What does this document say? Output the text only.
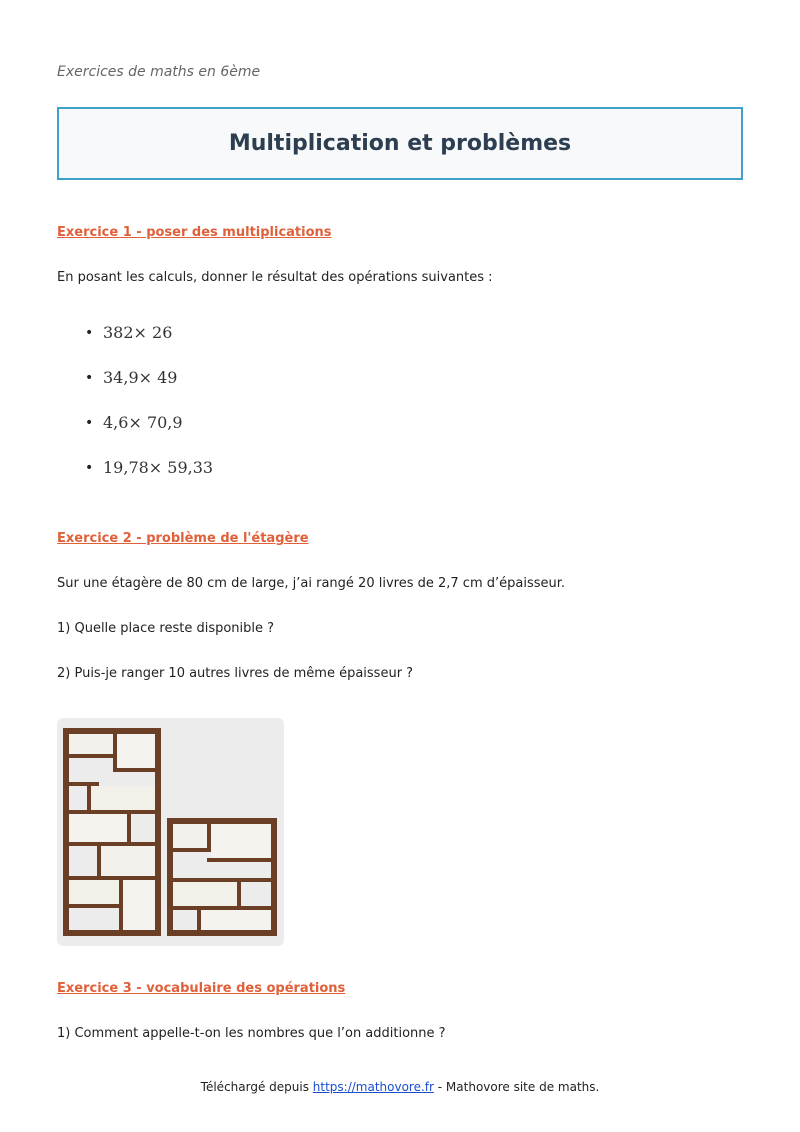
Exercices de maths en 6ème
Multiplication et problèmes
Exercice 1 - poser des multiplications
En posant les calculs, donner le résultat des opérations suivantes :
• 382× 26
• 34,9× 49
• 4,6× 70,9
• 19,78× 59,33
Exercice 2 - problème de l'étagère
Sur une étagère de 80 cm de large, j’ai rangé 20 livres de 2,7 cm d’épaisseur.
1) Quelle place reste disponible ?
2) Puis-je ranger 10 autres livres de même épaisseur ?
Exercice 3 - vocabulaire des opérations
1) Comment appelle-t-on les nombres que l’on additionne ?
Téléchargé depuis https://mathovore.fr - Mathovore site de maths.
